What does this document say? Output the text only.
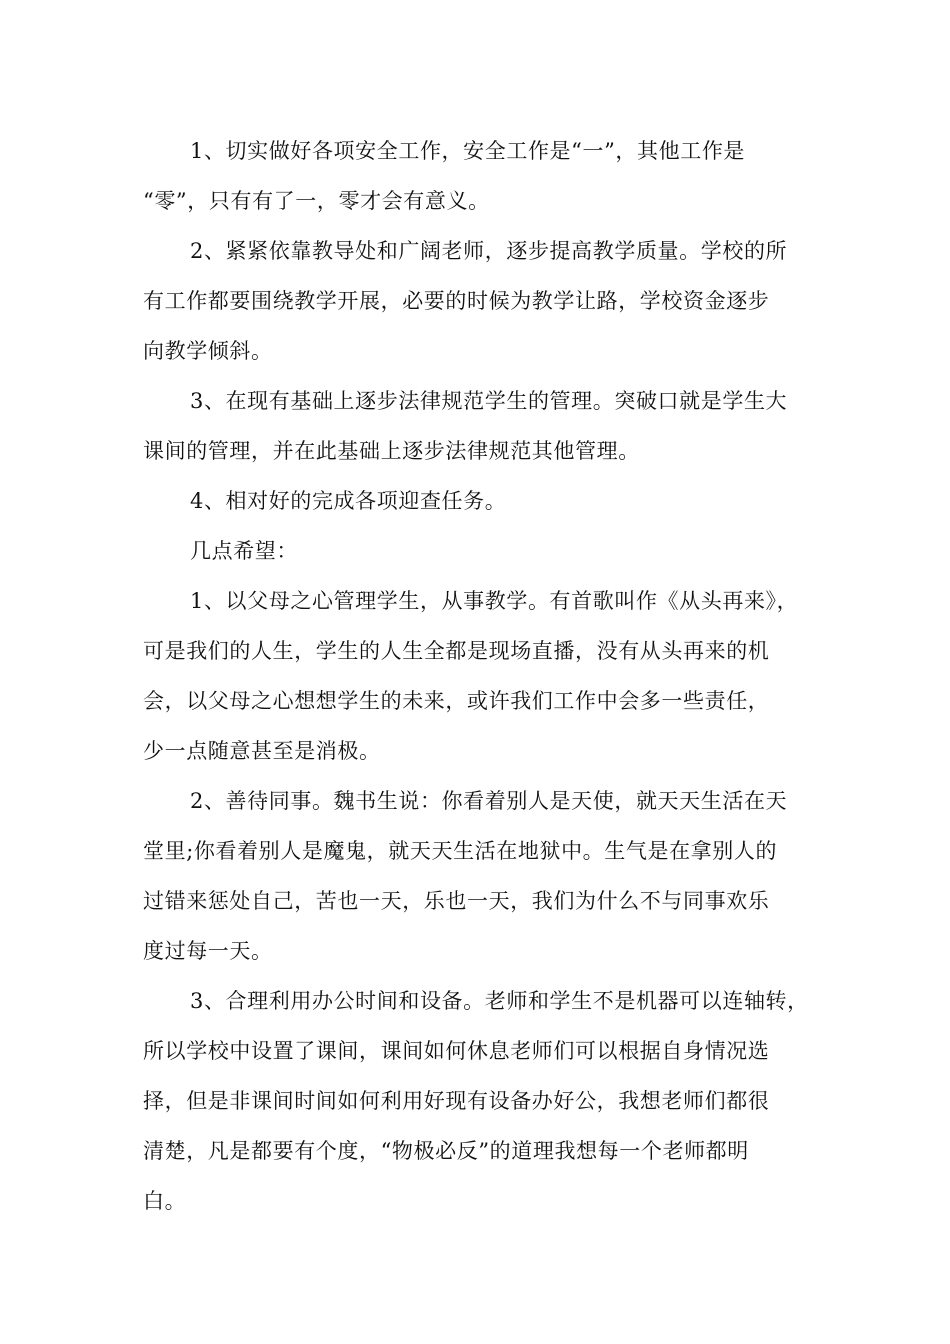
1、切实做好各项安全工作，安全工作是“一”，其他工作是
“零”，只有有了一，零才会有意义。
2、紧紧依靠教导处和广阔老师，逐步提高教学质量。学校的所
有工作都要围绕教学开展，必要的时候为教学让路，学校资金逐步
向教学倾斜。
3、在现有基础上逐步法律规范学生的管理。突破口就是学生大
课间的管理，并在此基础上逐步法律规范其他管理。
4、相对好的完成各项迎查任务。
几点希望：
1、以父母之心管理学生，从事教学。有首歌叫作《从头再来》，
可是我们的人生，学生的人生全都是现场直播，没有从头再来的机
会，以父母之心想想学生的未来，或许我们工作中会多一些责任，
少一点随意甚至是消极。
2、善待同事。魏书生说：你看着别人是天使，就天天生活在天
堂里;你看着别人是魔鬼，就天天生活在地狱中。生气是在拿别人的
过错来惩处自己，苦也一天，乐也一天，我们为什么不与同事欢乐
度过每一天。
3、合理利用办公时间和设备。老师和学生不是机器可以连轴转，
所以学校中设置了课间，课间如何休息老师们可以根据自身情况选
择，但是非课间时间如何利用好现有设备办好公，我想老师们都很
清楚，凡是都要有个度，“物极必反”的道理我想每一个老师都明
白。
